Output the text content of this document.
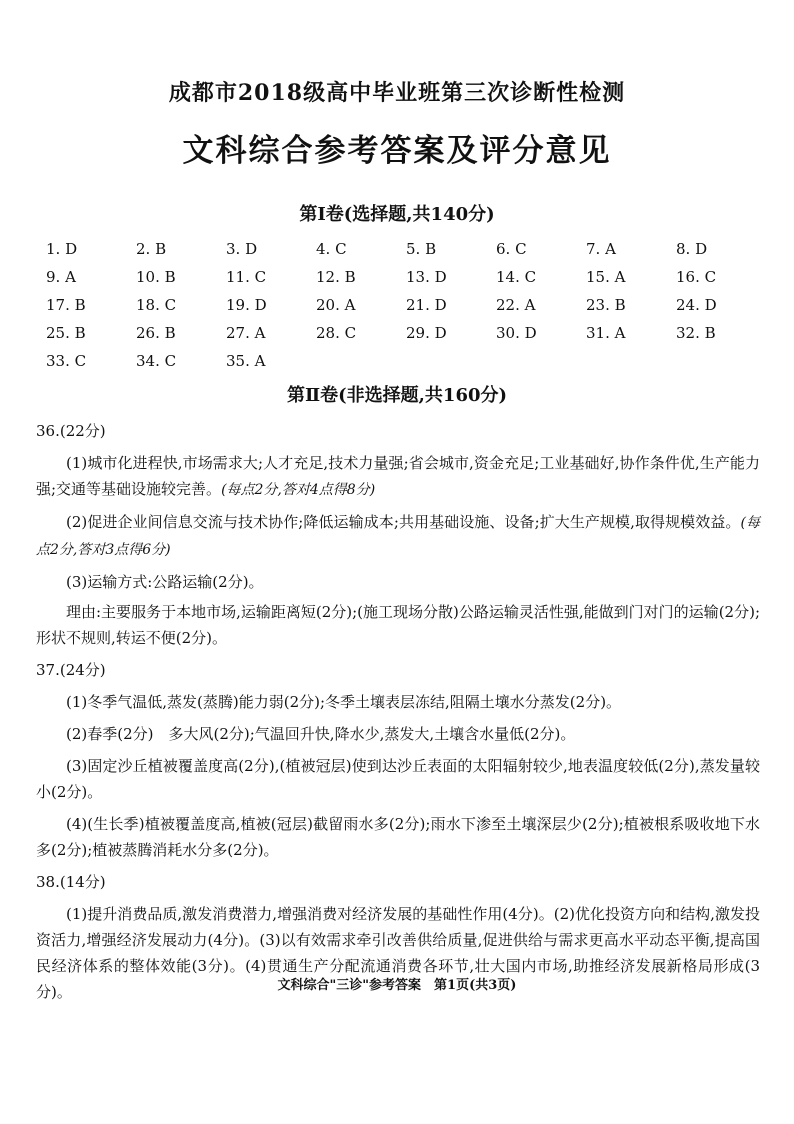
成都市2018级高中毕业班第三次诊断性检测
文科综合参考答案及评分意见
第Ⅰ卷(选择题,共140分)
1. D	2. B	3. D	4. C	5. B	6. C	7. A	8. D
9. A	10. B	11. C	12. B	13. D	14. C	15. A	16. C
17. B	18. C	19. D	20. A	21. D	22. A	23. B	24. D
25. B	26. B	27. A	28. C	29. D	30. D	31. A	32. B
33. C	34. C	35. A
第Ⅱ卷(非选择题,共160分)
36.(22分)
(1)城市化进程快,市场需求大;人才充足,技术力量强;省会城市,资金充足;工业基础好,协作条件优,生产能力强;交通等基础设施较完善。(每点2分,答对4点得8分)
(2)促进企业间信息交流与技术协作;降低运输成本;共用基础设施、设备;扩大生产规模,取得规模效益。(每点2分,答对3点得6分)
(3)运输方式:公路运输(2分)。
理由:主要服务于本地市场,运输距离短(2分);(施工现场分散)公路运输灵活性强,能做到门对门的运输(2分);形状不规则,转运不便(2分)。
37.(24分)
(1)冬季气温低,蒸发(蒸腾)能力弱(2分);冬季土壤表层冻结,阻隔土壤水分蒸发(2分)。
(2)春季(2分)　多大风(2分);气温回升快,降水少,蒸发大,土壤含水量低(2分)。
(3)固定沙丘植被覆盖度高(2分),(植被冠层)使到达沙丘表面的太阳辐射较少,地表温度较低(2分),蒸发量较小(2分)。
(4)(生长季)植被覆盖度高,植被(冠层)截留雨水多(2分);雨水下渗至土壤深层少(2分);植被根系吸收地下水多(2分);植被蒸腾消耗水分多(2分)。
38.(14分)
(1)提升消费品质,激发消费潜力,增强消费对经济发展的基础性作用(4分)。(2)优化投资方向和结构,激发投资活力,增强经济发展动力(4分)。(3)以有效需求牵引改善供给质量,促进供给与需求更高水平动态平衡,提高国民经济体系的整体效能(3分)。(4)贯通生产分配流通消费各环节,壮大国内市场,助推经济发展新格局形成(3分)。	文科综合"三诊"参考答案　第1页(共3页)
